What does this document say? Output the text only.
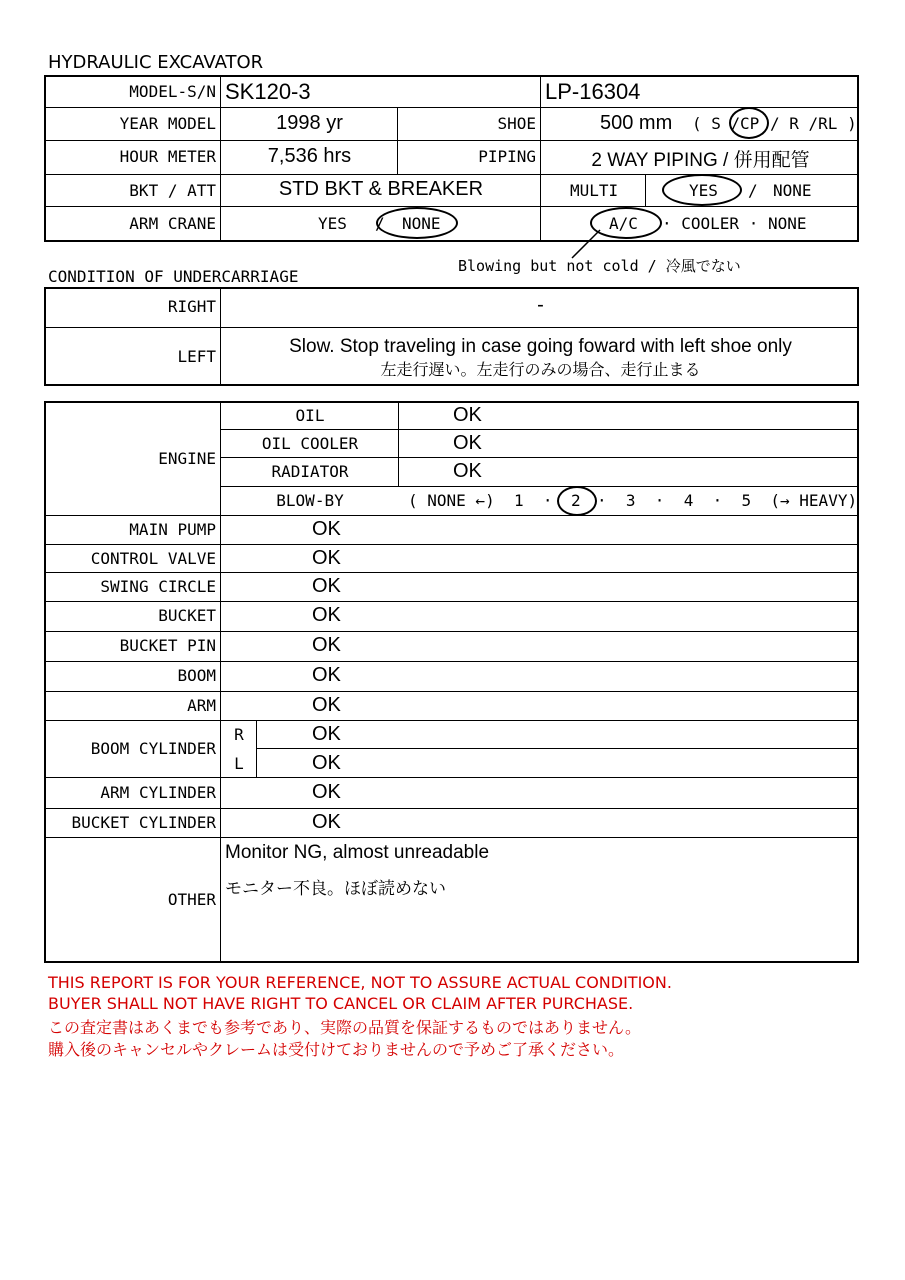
HYDRAULIC EXCAVATOR
MODEL-S/N SK120-3	LP-16304
YEAR MODEL	1998 yr	SHOE	500 mm ( S / CP / R /RL )
HOUR METER	7,536 hrs	PIPING	2 WAY PIPING / 併用配管
BKT / ATT	STD BKT & BREAKER	MULTI	YES / NONE
ARM CRANE	YES / NONE	A/C · COOLER · NONE
Blowing but not cold / 冷風でない
CONDITION OF UNDERCARRIAGE
RIGHT	-
LEFT	Slow. Stop traveling in case going foward with left shoe only
左走行遅い。左走行のみの場合、走行止まる
ENGINE
OIL	OK
OIL COOLER	OK
RADIATOR	OK
BLOW-BY	( NONE ←)  1  · 2 ·  3  ·  4  ·  5  (→ HEAVY)
MAIN PUMP	OK
CONTROL VALVE	OK
SWING CIRCLE	OK
BUCKET	OK
BUCKET PIN	OK
BOOM	OK
ARM	OK
BOOM CYLINDER
R	OK
L	OK
ARM CYLINDER	OK
BUCKET CYLINDER	OK
OTHER
Monitor NG, almost unreadable
モニター不良。ほぼ読めない
THIS REPORT IS FOR YOUR REFERENCE, NOT TO ASSURE ACTUAL CONDITION.
BUYER SHALL NOT HAVE RIGHT TO CANCEL OR CLAIM AFTER PURCHASE.
この査定書はあくまでも参考であり、実際の品質を保証するものではありません。
購入後のキャンセルやクレームは受付けておりませんので予めご了承ください。
